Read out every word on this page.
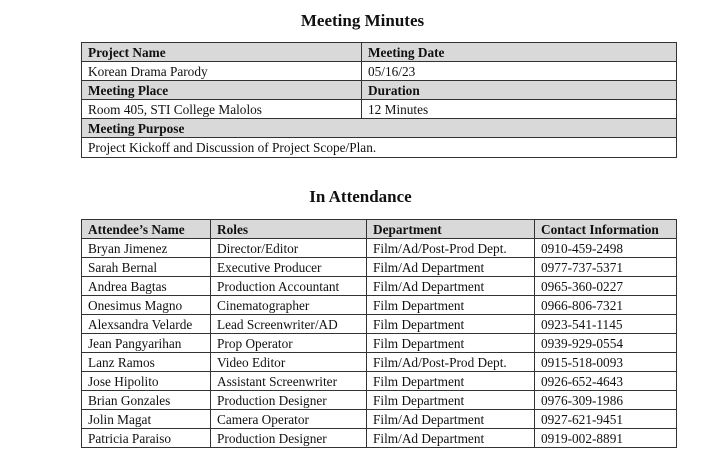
Meeting Minutes
Project Name	Meeting Date
Korean Drama Parody	05/16/23
Meeting Place	Duration
Room 405, STI College Malolos	12 Minutes
Meeting Purpose	
Project Kickoff and Discussion of Project Scope/Plan.	
In Attendance
Attendee’s Name	Roles	Department	Contact Information
Bryan Jimenez	Director/Editor	Film/Ad/Post-Prod Dept.	0910-459-2498
Sarah Bernal	Executive Producer	Film/Ad Department	0977-737-5371
Andrea Bagtas	Production Accountant	Film/Ad Department	0965-360-0227
Onesimus Magno	Cinematographer	Film Department	0966-806-7321
Alexsandra Velarde	Lead Screenwriter/AD	Film Department	0923-541-1145
Jean Pangyarihan	Prop Operator	Film Department	0939-929-0554
Lanz Ramos	Video Editor	Film/Ad/Post-Prod Dept.	0915-518-0093
Jose Hipolito	Assistant Screenwriter	Film Department	0926-652-4643
Brian Gonzales	Production Designer	Film Department	0976-309-1986
Jolin Magat	Camera Operator	Film/Ad Department	0927-621-9451
Patricia Paraiso	Production Designer	Film/Ad Department	0919-002-8891
